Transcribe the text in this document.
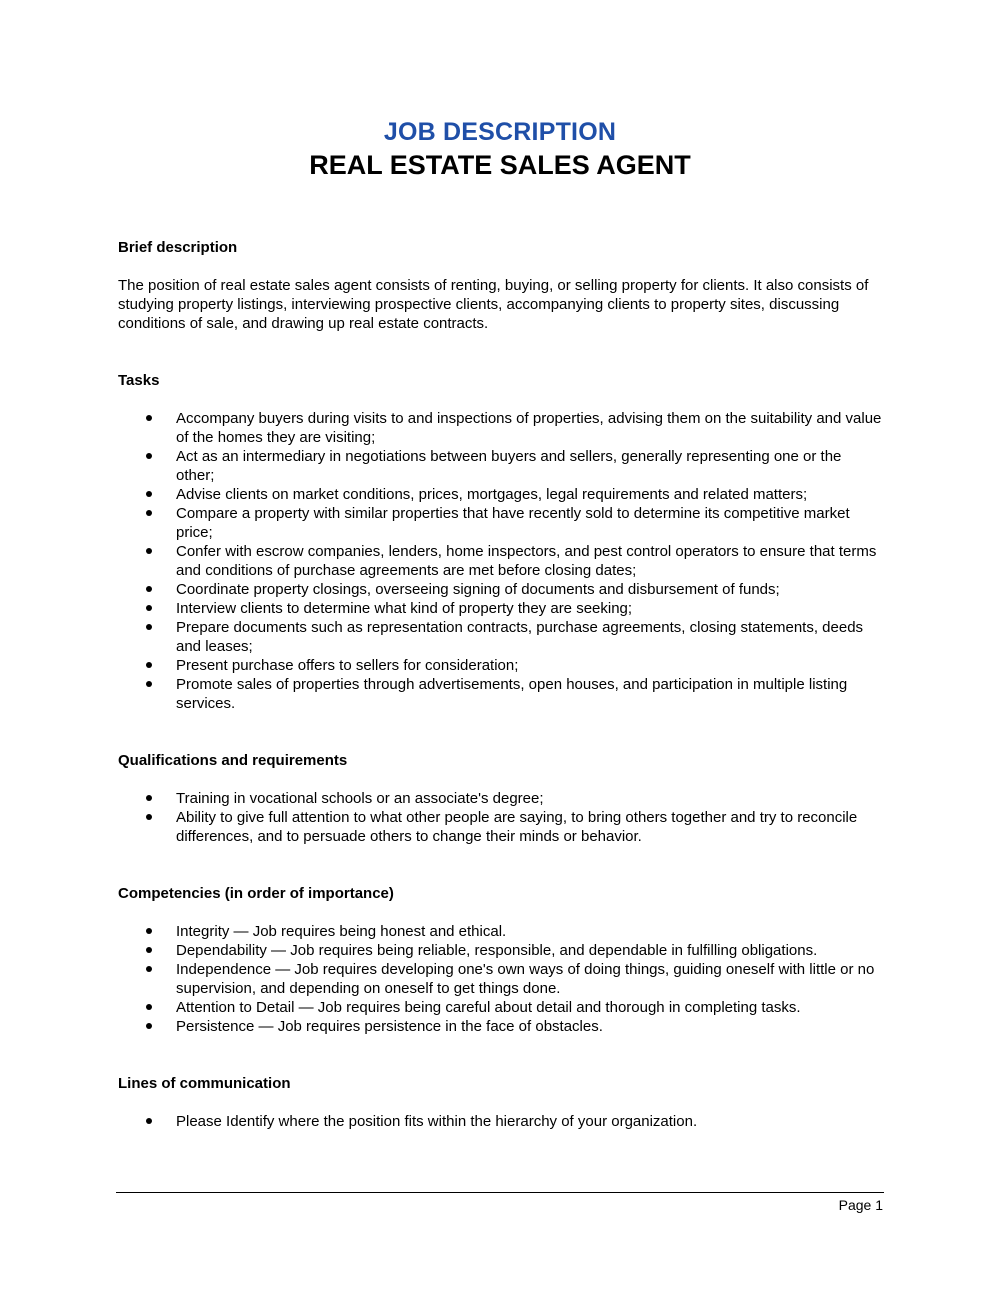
JOB DESCRIPTION
REAL ESTATE SALES AGENT
Brief description

The position of real estate sales agent consists of renting, buying, or selling property for clients. It also consists of studying property listings, interviewing prospective clients, accompanying clients to property sites, discussing conditions of sale, and drawing up real estate contracts.

Tasks
Accompany buyers during visits to and inspections of properties, advising them on the suitability and value of the homes they are visiting;
Act as an intermediary in negotiations between buyers and sellers, generally representing one or the other;
Advise clients on market conditions, prices, mortgages, legal requirements and related matters;
Compare a property with similar properties that have recently sold to determine its competitive market price;
Confer with escrow companies, lenders, home inspectors, and pest control operators to ensure that terms and conditions of purchase agreements are met before closing dates;
Coordinate property closings, overseeing signing of documents and disbursement of funds;
Interview clients to determine what kind of property they are seeking;
Prepare documents such as representation contracts, purchase agreements, closing statements, deeds and leases;
Present purchase offers to sellers for consideration;
Promote sales of properties through advertisements, open houses, and participation in multiple listing services.
Qualifications and requirements
Training in vocational schools or an associate's degree;
Ability to give full attention to what other people are saying, to bring others together and try to reconcile differences, and to persuade others to change their minds or behavior.
Competencies (in order of importance)
Integrity — Job requires being honest and ethical.
Dependability — Job requires being reliable, responsible, and dependable in fulfilling obligations.
Independence — Job requires developing one's own ways of doing things, guiding oneself with little or no supervision, and depending on oneself to get things done.
Attention to Detail — Job requires being careful about detail and thorough in completing tasks.
Persistence — Job requires persistence in the face of obstacles.
Lines of communication
Please Identify where the position fits within the hierarchy of your organization.
Page 1
